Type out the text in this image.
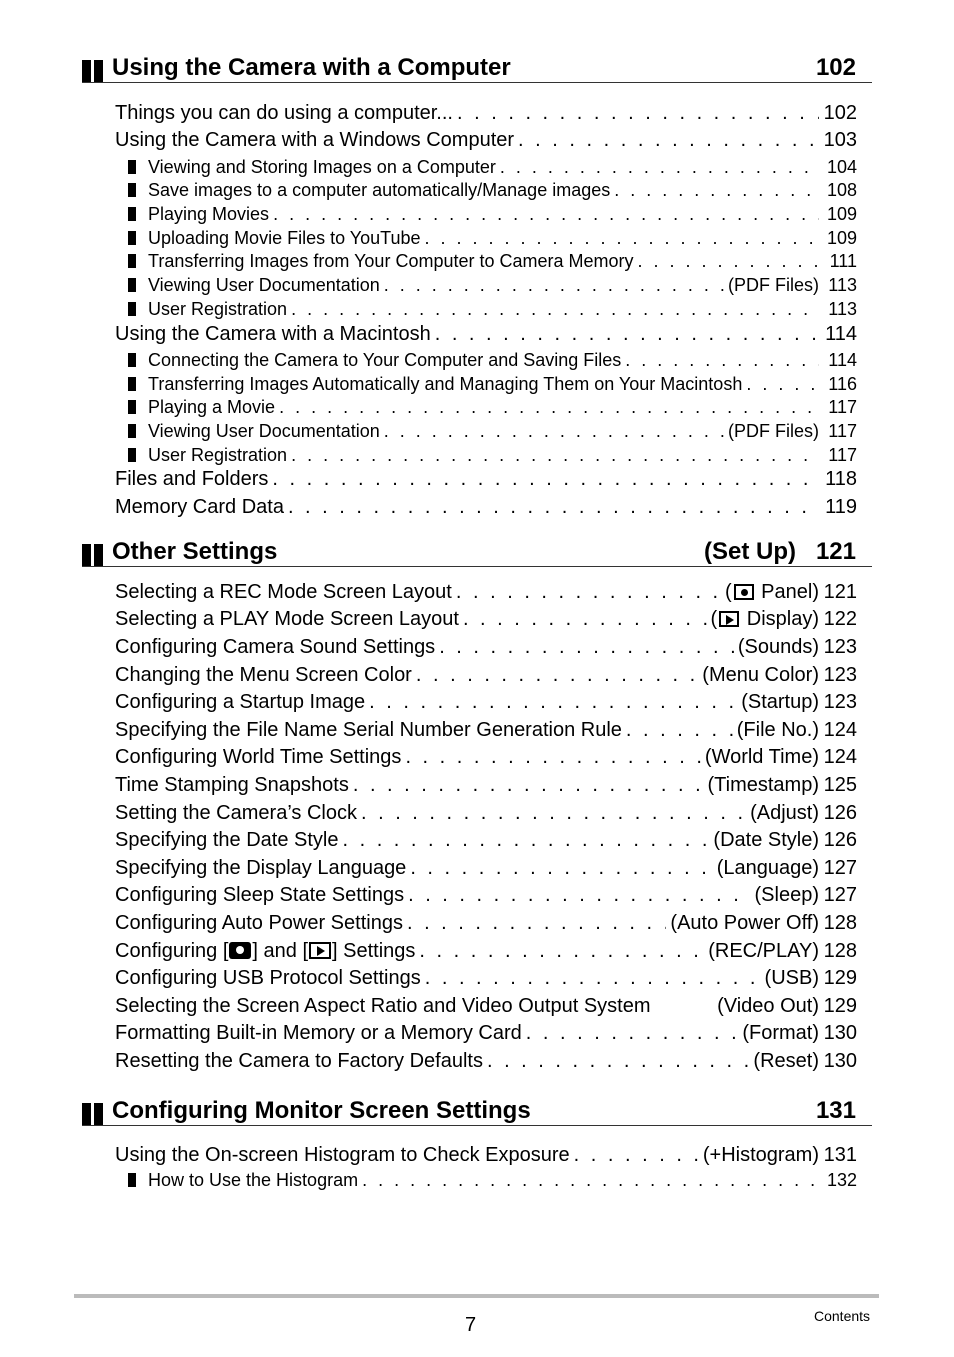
Using the Camera with a Computer	102
Things you can do using a computer... . . .	102
Using the Camera with a Windows Computer . . .	103
Viewing and Storing Images on a Computer . . .	104
Save images to a computer automatically/Manage images . . .	108
Playing Movies . . .	109
Uploading Movie Files to YouTube . . .	109
Transferring Images from Your Computer to Camera Memory . . .	111
Viewing User Documentation . . .	(PDF Files) 113
User Registration . . .	113
Using the Camera with a Macintosh . . .	114
Connecting the Camera to Your Computer and Saving Files . . .	114
Transferring Images Automatically and Managing Them on Your Macintosh . . .	116
Playing a Movie . . .	117
Viewing User Documentation . . .	(PDF Files) 117
User Registration . . .	117
Files and Folders . . .	118
Memory Card Data . . .	119
Other Settings	(Set Up) 121
Selecting a REC Mode Screen Layout . . .	( Panel) 121
Selecting a PLAY Mode Screen Layout . . .	( Display) 122
Configuring Camera Sound Settings . . .	(Sounds) 123
Changing the Menu Screen Color . . .	(Menu Color) 123
Configuring a Startup Image . . .	(Startup) 123
Specifying the File Name Serial Number Generation Rule . . .	(File No.) 124
Configuring World Time Settings . . .	(World Time) 124
Time Stamping Snapshots . . .	(Timestamp) 125
Setting the Camera’s Clock . . .	(Adjust) 126
Specifying the Date Style . . .	(Date Style) 126
Specifying the Display Language . . .	(Language) 127
Configuring Sleep State Settings . . .	(Sleep) 127
Configuring Auto Power Settings . . .	(Auto Power Off) 128
Configuring [ ] and [ ] Settings . . .	(REC/PLAY) 128
Configuring USB Protocol Settings . . .	(USB) 129
Selecting the Screen Aspect Ratio and Video Output System	(Video Out) 129
Formatting Built-in Memory or a Memory Card . . .	(Format) 130
Resetting the Camera to Factory Defaults . . .	(Reset) 130
Configuring Monitor Screen Settings	131
Using the On-screen Histogram to Check Exposure . . .	(+Histogram) 131
How to Use the Histogram . . .	132
7	Contents
